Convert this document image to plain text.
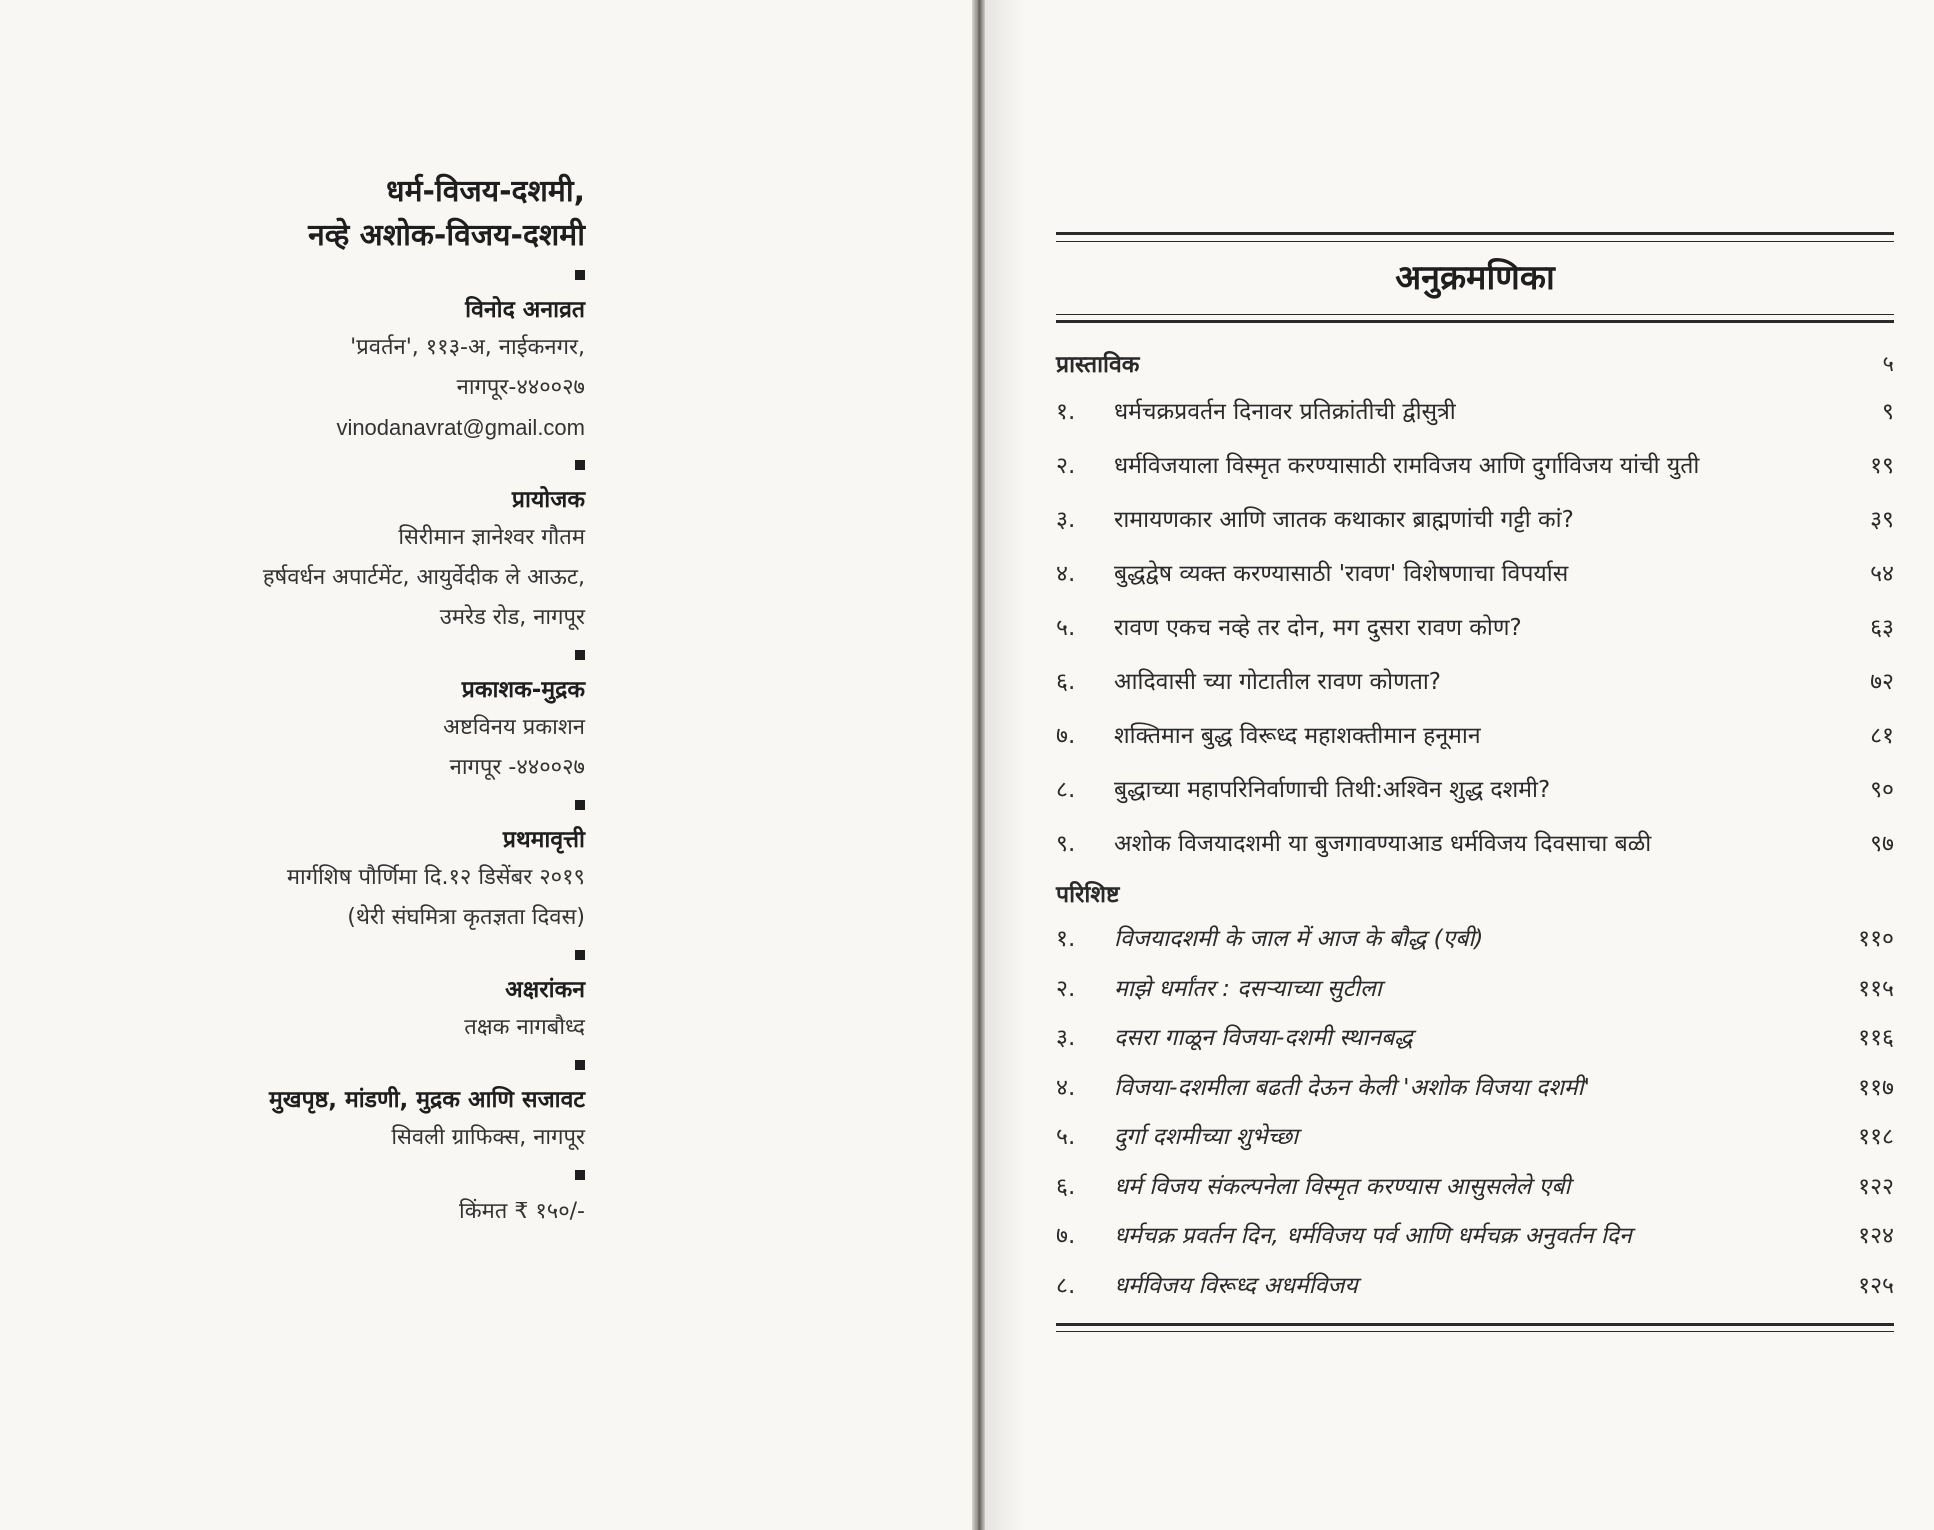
धर्म-विजय-दशमी,

नव्हे अशोक-विजय-दशमी

विनोद अनाव्रत

'प्रवर्तन', ११३-अ, नाईकनगर,

नागपूर-४४००२७

vinodanavrat@gmail.com

प्रायोजक

सिरीमान ज्ञानेश्वर गौतम

हर्षवर्धन अपार्टमेंट, आयुर्वेदीक ले आऊट,

उमरेड रोड, नागपूर

प्रकाशक-मुद्रक

अष्टविनय प्रकाशन

नागपूर -४४००२७

प्रथमावृत्ती

मार्गशिष पौर्णिमा दि.१२ डिसेंबर २०१९

(थेरी संघमित्रा कृतज्ञता दिवस)

अक्षरांकन

तक्षक नागबौध्द

मुखपृष्ठ, मांडणी, मुद्रक आणि सजावट

सिवली ग्राफिक्स, नागपूर

किंमत ₹ १५०/-

अनुक्रमणिका
प्रास्ताविक	५
१.	धर्मचक्रप्रवर्तन दिनावर प्रतिक्रांतीची द्वीसुत्री	९
२.	धर्मविजयाला विस्मृत करण्यासाठी रामविजय आणि दुर्गाविजय यांची युती	१९
३.	रामायणकार आणि जातक कथाकार ब्राह्मणांची गट्टी कां?	३९
४.	बुद्धद्वेष व्यक्त करण्यासाठी 'रावण' विशेषणाचा विपर्यास	५४
५.	रावण एकच नव्हे तर दोन, मग दुसरा रावण कोण?	६३
६.	आदिवासी च्या गोटातील रावण कोणता?	७२
७.	शक्तिमान बुद्ध विरूध्द महाशक्तीमान हनूमान	८१
८.	बुद्धाच्या महापरिनिर्वाणाची तिथी:अश्विन शुद्ध दशमी?	९०
९.	अशोक विजयादशमी या बुजगावण्याआड धर्मविजय दिवसाचा बळी	९७
परिशिष्ट
१.	विजयादशमी के जाल में आज के बौद्ध (एबी)	११०
२.	माझे धर्मांतर : दसऱ्याच्या सुटीला	११५
३.	दसरा गाळून विजया-दशमी स्थानबद्ध	११६
४.	विजया-दशमीला बढती देऊन केली 'अशोक विजया दशमी'	११७
५.	दुर्गा दशमीच्या शुभेच्छा	११८
६.	धर्म विजय संकल्पनेला विस्मृत करण्यास आसुसलेले एबी	१२२
७.	धर्मचक्र प्रवर्तन दिन, धर्मविजय पर्व आणि धर्मचक्र अनुवर्तन दिन	१२४
८.	धर्मविजय विरूध्द अधर्मविजय	१२५
